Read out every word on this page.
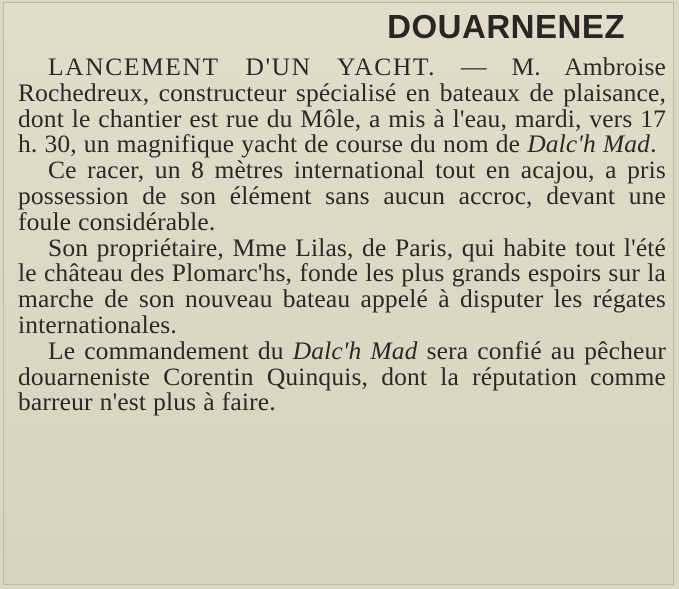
DOUARNENEZ

LANCEMENT D'UN YACHT. — M. Ambroise Rochedreux, constructeur spécialisé en bateaux de plaisance, dont le chantier est rue du Môle, a mis à l'eau, mardi, vers 17 h. 30, un magnifique yacht de course du nom de Dalc'h Mad.

Ce racer, un 8 mètres international tout en acajou, a pris possession de son élément sans aucun accroc, devant une foule considérable.

Son propriétaire, Mme Lilas, de Paris, qui habite tout l'été le château des Plomarc'hs, fonde les plus grands espoirs sur la marche de son nouveau bateau appelé à disputer les régates internationales.

Le commandement du Dalc'h Mad sera confié au pêcheur douarneniste Corentin Quinquis, dont la réputation comme barreur n'est plus à faire.
